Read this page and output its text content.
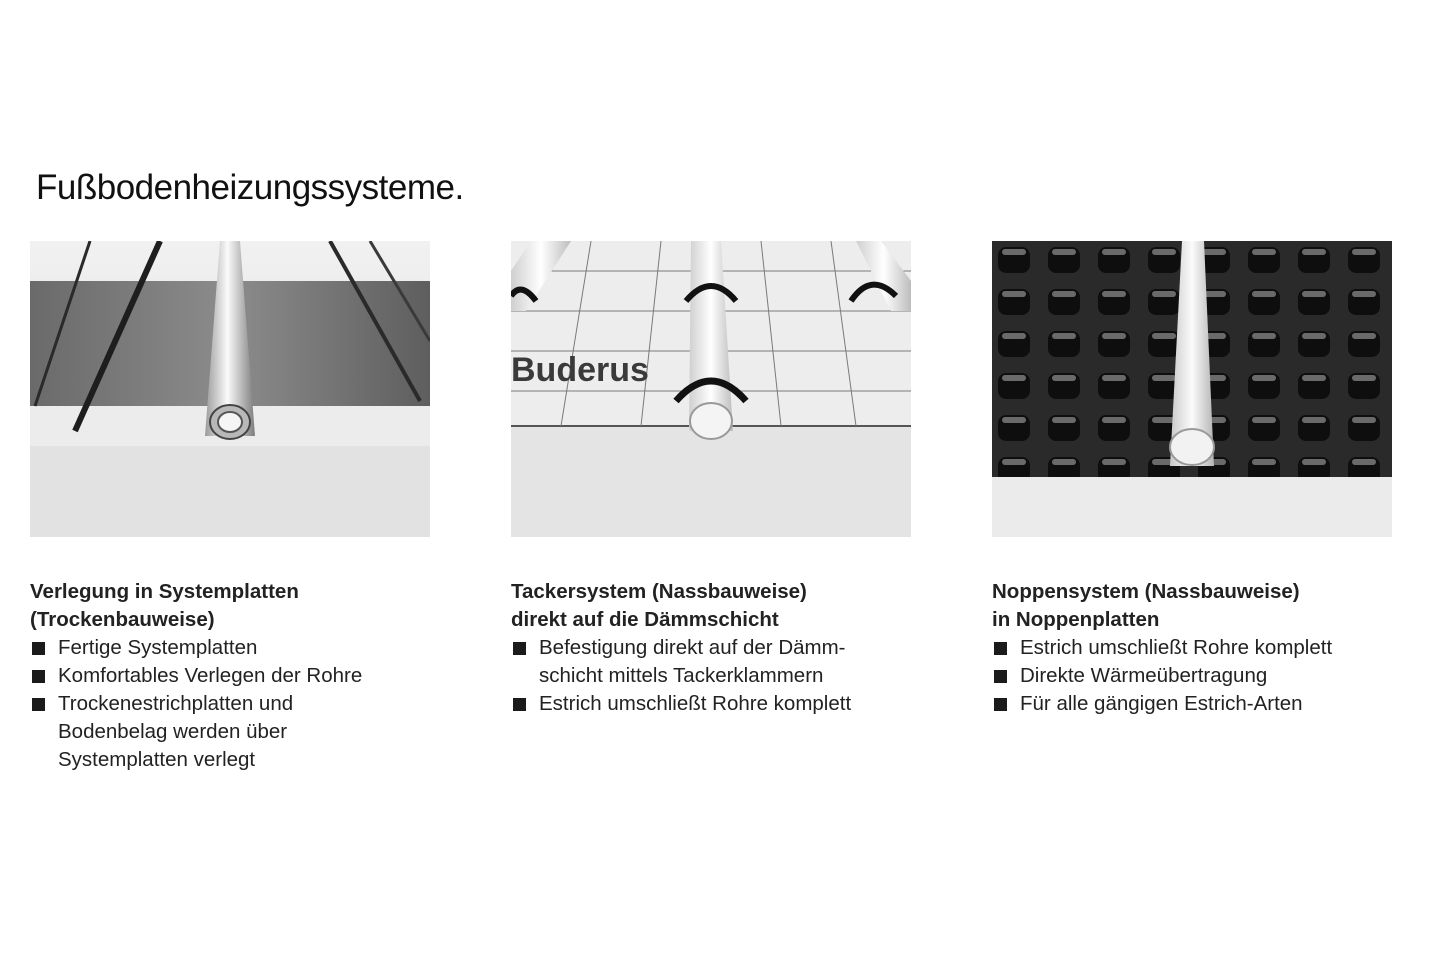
Fußbodenheizungssysteme.
Verlegung in Systemplatten
(Trockenbauweise)
Fertige Systemplatten
Komfortables Verlegen der Rohre
Trockenestrichplatten und
Bodenbelag werden über
Systemplatten verlegt
Buderus
Tackersystem (Nassbauweise)
direkt auf die Dämmschicht
Befestigung direkt auf der Dämm-
schicht mittels Tackerklammern
Estrich umschließt Rohre komplett
Noppensystem (Nassbauweise)
in Noppenplatten
Estrich umschließt Rohre komplett
Direkte Wärmeübertragung
Für alle gängigen Estrich-Arten
